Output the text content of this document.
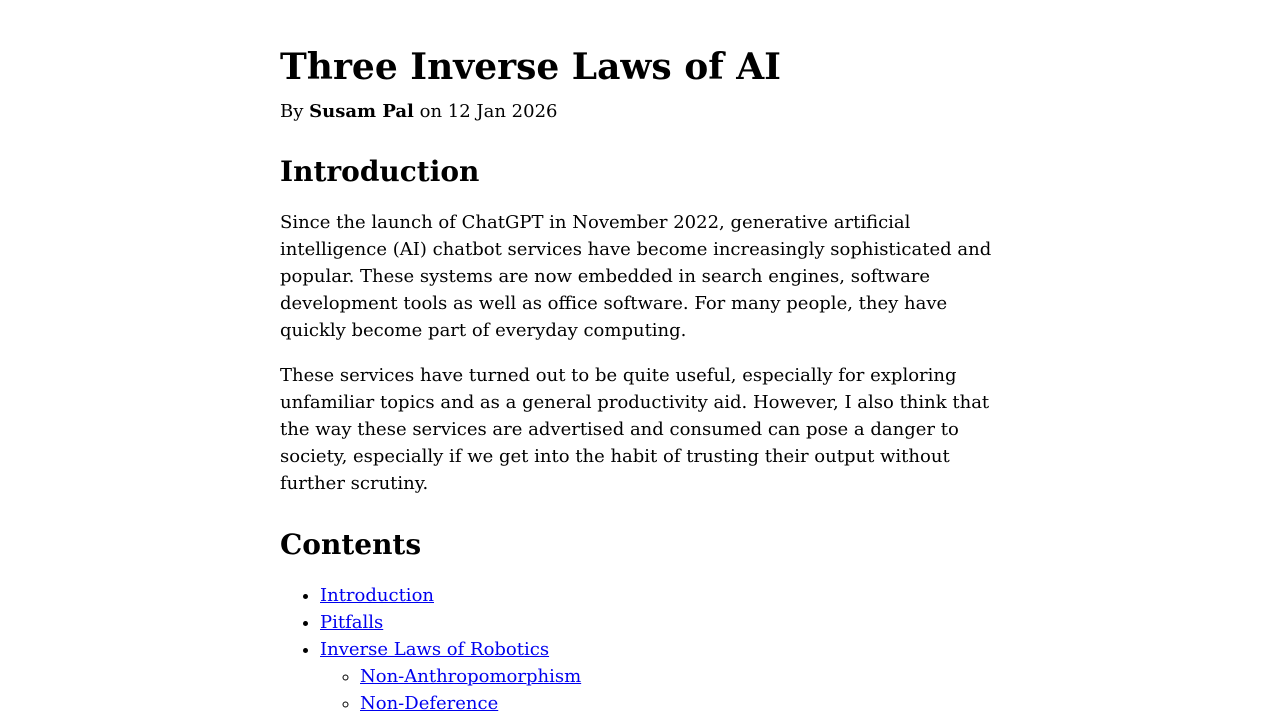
Three Inverse Laws of AI
By Susam Pal on 12 Jan 2026
Introduction

Since the launch of ChatGPT in November 2022, generative artificial intelligence (AI) chatbot services have become increasingly sophisticated and popular. These systems are now embedded in search engines, software development tools as well as office software. For many people, they have quickly become part of everyday computing.

These services have turned out to be quite useful, especially for exploring unfamiliar topics and as a general productivity aid. However, I also think that the way these services are advertised and consumed can pose a danger to society, especially if we get into the habit of trusting their output without further scrutiny.

Contents
• Introduction
• Pitfalls
• Inverse Laws of Robotics
◦ Non-Anthropomorphism
◦ Non-Deference
